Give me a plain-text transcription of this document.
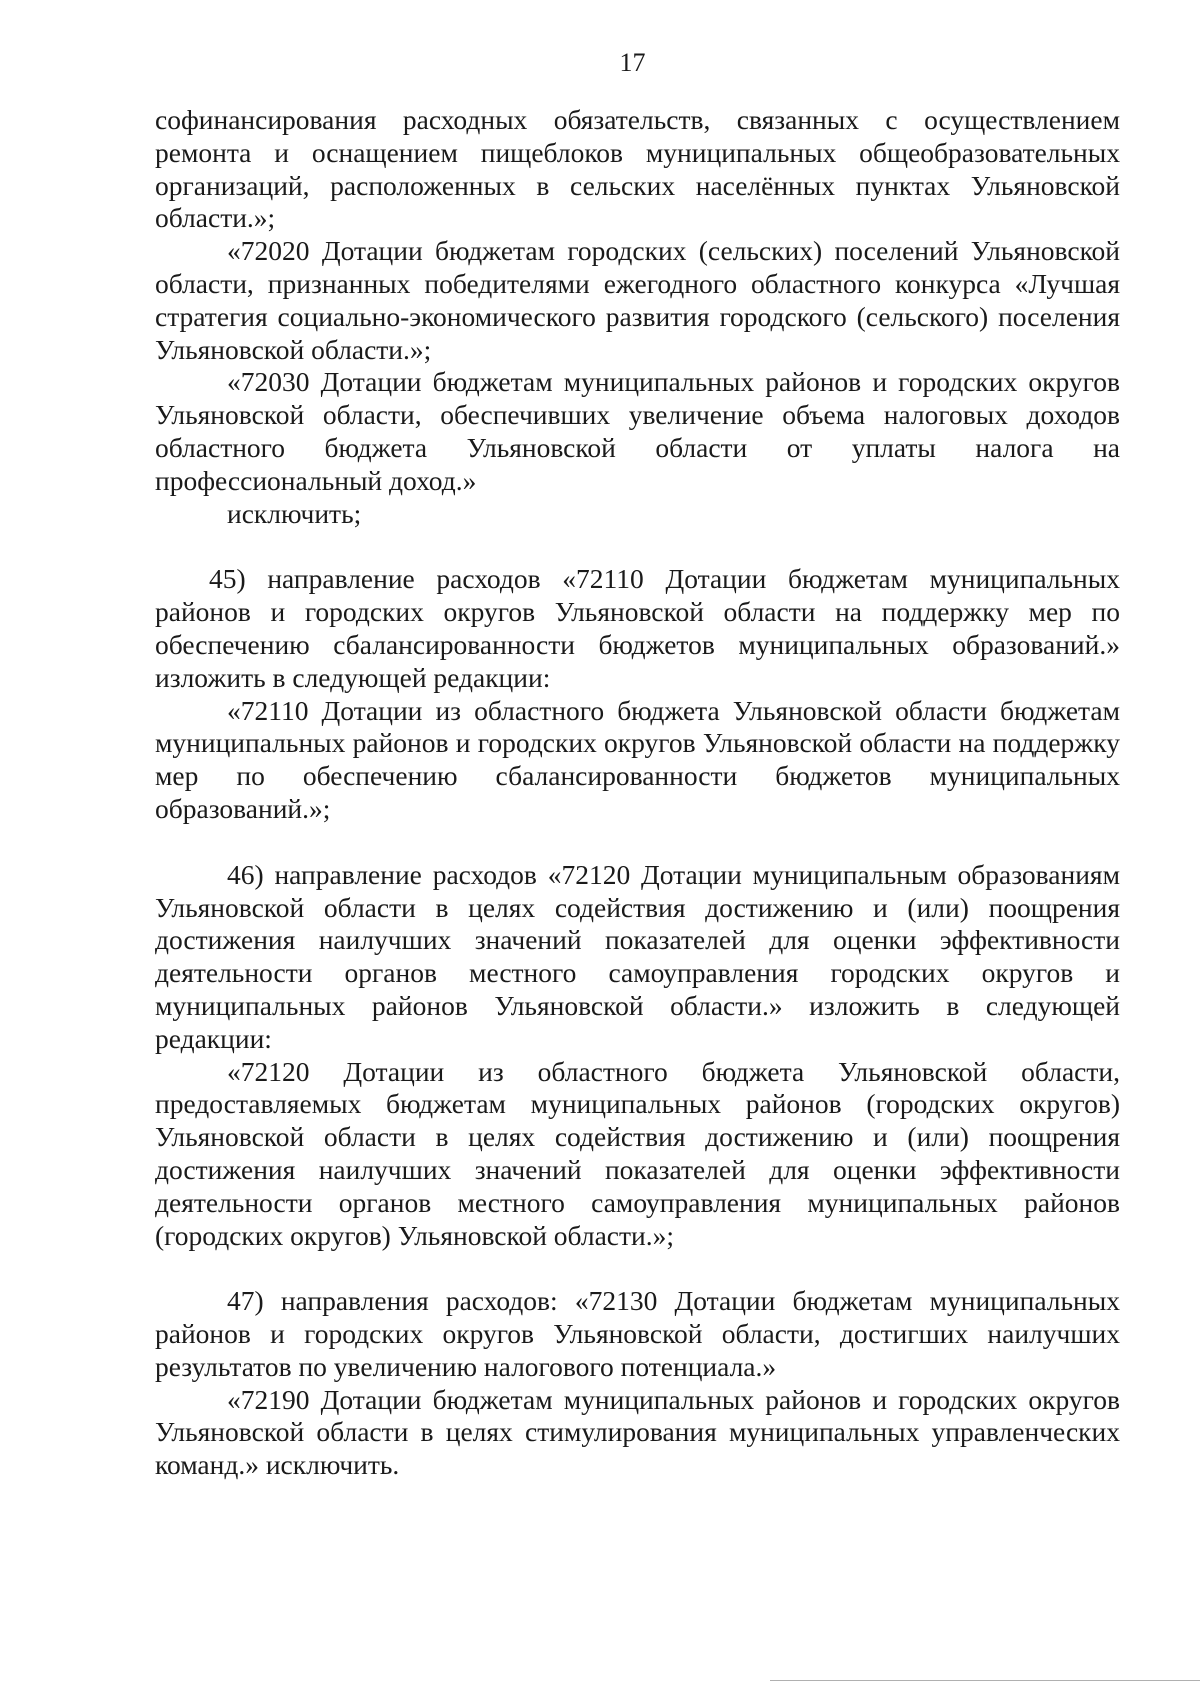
17

софинансирования расходных обязательств, связанных с осуществлением ремонта и оснащением пищеблоков муниципальных общеобразовательных организаций, расположенных в сельских населённых пунктах Ульяновской области.»;

«72020 Дотации бюджетам городских (сельских) поселений Ульяновской области, признанных победителями ежегодного областного конкурса «Лучшая стратегия социально-экономического развития городского (сельского) поселения Ульяновской области.»;

«72030 Дотации бюджетам муниципальных районов и городских округов Ульяновской области, обеспечивших увеличение объема налоговых доходов областного бюджета Ульяновской области от уплаты налога на профессиональный доход.»

исключить;

45) направление расходов «72110 Дотации бюджетам муниципальных районов и городских округов Ульяновской области на поддержку мер по обеспечению сбалансированности бюджетов муниципальных образований.» изложить в следующей редакции:

«72110 Дотации из областного бюджета Ульяновской области бюджетам муниципальных районов и городских округов Ульяновской области на поддержку мер по обеспечению сбалансированности бюджетов муниципальных образований.»;

46) направление расходов «72120 Дотации муниципальным образованиям Ульяновской области в целях содействия достижению и (или) поощрения достижения наилучших значений показателей для оценки эффективности деятельности органов местного самоуправления городских округов и муниципальных районов Ульяновской области.» изложить в следующей редакции:

«72120 Дотации из областного бюджета Ульяновской области, предоставляемых бюджетам муниципальных районов (городских округов) Ульяновской области в целях содействия достижению и (или) поощрения достижения наилучших значений показателей для оценки эффективности деятельности органов местного самоуправления муниципальных районов (городских округов) Ульяновской области.»;

47) направления расходов: «72130 Дотации бюджетам муниципальных районов и городских округов Ульяновской области, достигших наилучших результатов по увеличению налогового потенциала.»

«72190 Дотации бюджетам муниципальных районов и городских округов Ульяновской области в целях стимулирования муниципальных управленческих команд.» исключить.
